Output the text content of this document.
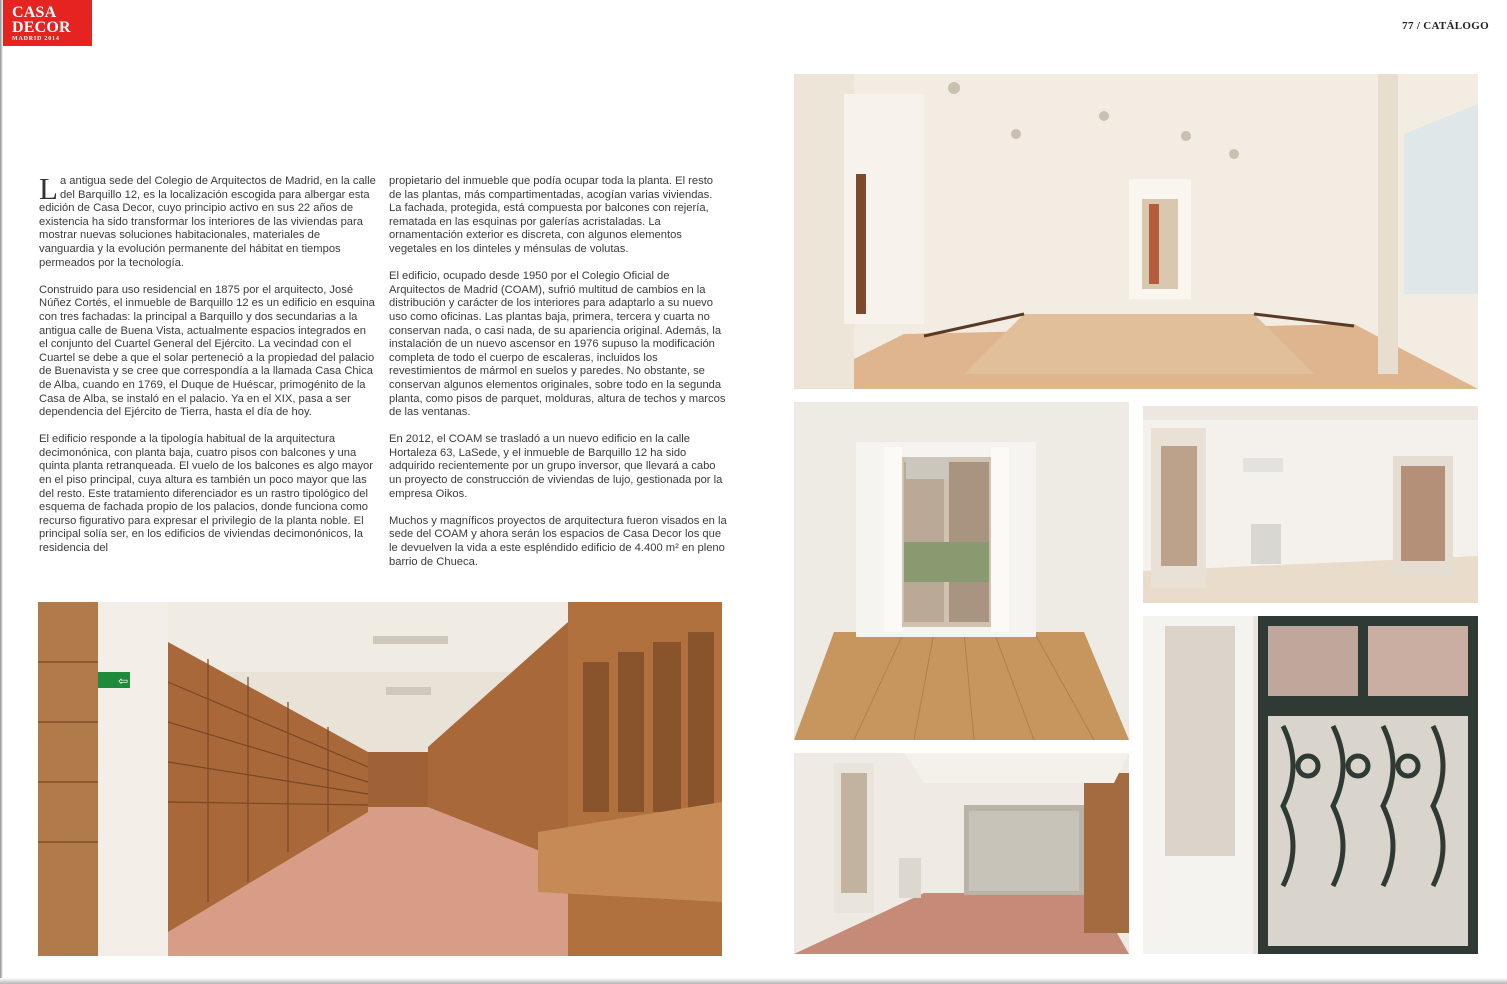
CASA
DECOR
MADRID 2014
77 / CATÁLOGO

La antigua sede del Colegio de Arquitectos de Madrid, en la calle del Barquillo 12, es la localización escogida para albergar esta edición de Casa Decor, cuyo principio activo en sus 22 años de existencia ha sido transformar los interiores de las viviendas para mostrar nuevas soluciones habitacionales, materiales de vanguardia y la evolución permanente del hábitat en tiempos permeados por la tecnología.

Construido para uso residencial en 1875 por el arquitecto, José Núñez Cortés, el inmueble de Barquillo 12 es un edificio en esquina con tres fachadas: la principal a Barquillo y dos secundarias a la antigua calle de Buena Vista, actualmente espacios integrados en el conjunto del Cuartel General del Ejército. La vecindad con el Cuartel se debe a que el solar perteneció a la propiedad del palacio de Buenavista y se cree que correspondía a la llamada Casa Chica de Alba, cuando en 1769, el Duque de Huéscar, primogénito de la Casa de Alba, se instaló en el palacio. Ya en el XIX, pasa a ser dependencia del Ejército de Tierra, hasta el día de hoy.

El edificio responde a la tipología habitual de la arquitectura decimonónica, con planta baja, cuatro pisos con balcones y una quinta planta retranqueada. El vuelo de los balcones es algo mayor en el piso principal, cuya altura es también un poco mayor que las del resto. Este tratamiento diferenciador es un rastro tipológico del esquema de fachada propio de los palacios, donde funciona como recurso figurativo para expresar el privilegio de la planta noble. El principal solía ser, en los edificios de viviendas decimonónicos, la residencia del

propietario del inmueble que podía ocupar toda la planta. El resto de las plantas, más compartimentadas, acogían varias viviendas. La fachada, protegida, está compuesta por balcones con rejería, rematada en las esquinas por galerías acristaladas. La ornamentación exterior es discreta, con algunos elementos vegetales en los dinteles y ménsulas de volutas.

El edificio, ocupado desde 1950 por el Colegio Oficial de Arquitectos de Madrid (COAM), sufrió multitud de cambios en la distribución y carácter de los interiores para adaptarlo a su nuevo uso como oficinas. Las plantas baja, primera, tercera y cuarta no conservan nada, o casi nada, de su apariencia original. Además, la instalación de un nuevo ascensor en 1976 supuso la modificación completa de todo el cuerpo de escaleras, incluidos los revestimientos de mármol en suelos y paredes. No obstante, se conservan algunos elementos originales, sobre todo en la segunda planta, como pisos de parquet, molduras, altura de techos y marcos de las ventanas.

En 2012, el COAM se trasladó a un nuevo edificio en la calle Hortaleza 63, LaSede, y el inmueble de Barquillo 12 ha sido adquirido recientemente por un grupo inversor, que llevará a cabo un proyecto de construcción de viviendas de lujo, gestionada por la empresa Oikos.

Muchos y magníficos proyectos de arquitectura fueron visados en la sede del COAM y ahora serán los espacios de Casa Decor los que le devuelven la vida a este espléndido edificio de 4.400 m² en pleno barrio de Chueca.

⇦
